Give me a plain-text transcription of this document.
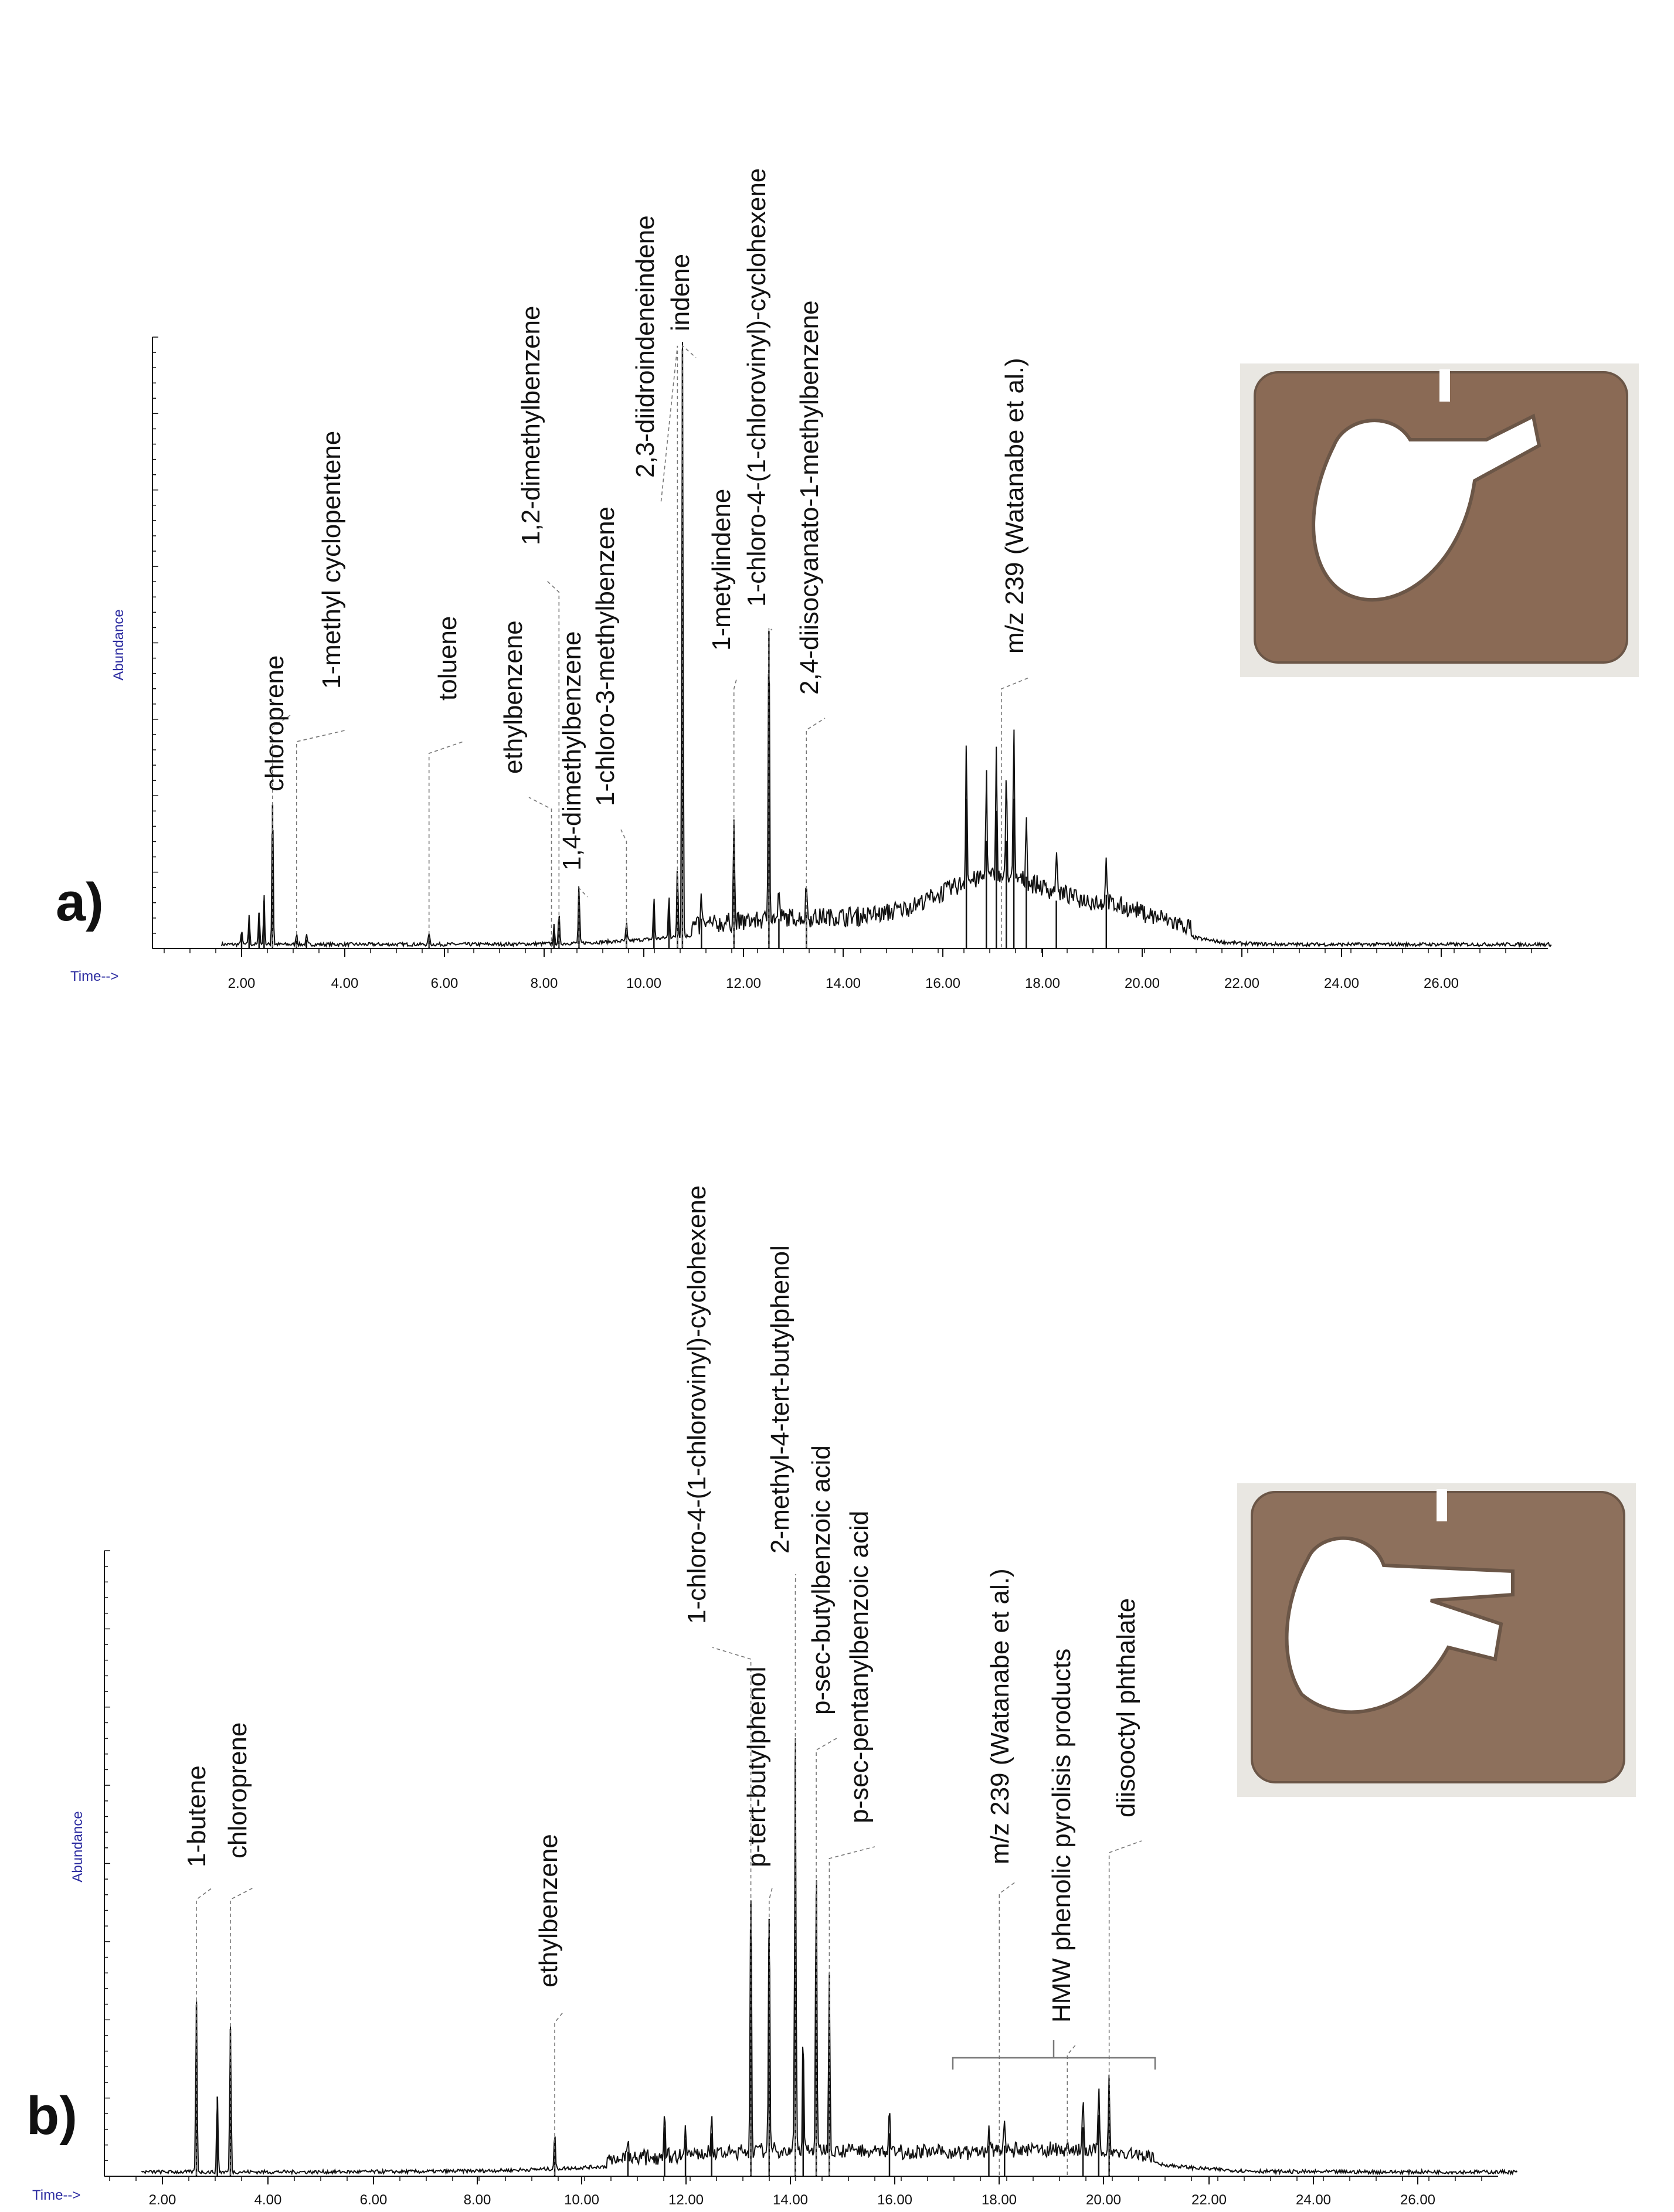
2.00	4.00	6.00	8.00	10.00	12.00	14.00	16.00	18.00	20.00	22.00	24.00	26.00
chloroprene
1-methyl cyclopentene	toluene ethylbenzene
1,2-dimethylbenzene
1,4-dimethylbenzene 1-chloro-3-methylbenzene
2,3-diidroindeneindene indene
1-metylindene 1-chloro-4-(1-chlorovinyl)-cyclohexene 2,4-diisocyanato-1-methylbenzene	m/z 239 (Watanabe et al.)
a)
Abundance
Time-->
2.00	4.00	6.00	8.00	10.00	12.00	14.00	16.00	18.00	20.00	22.00	24.00	26.00
1-butene chloroprene
ethylbenzene
1-chloro-4-(1-chlorovinyl)-cyclohexene
p-tert-butylphenol
2-methyl-4-tert-butylphenol
p-sec-butylbenzoic acid p-sec-pentanylbenzoic acid	m/z 239 (Watanabe et al.) HMW phenolic pyrolisis products diisooctyl phthalate
b)
Abundance
Time-->
